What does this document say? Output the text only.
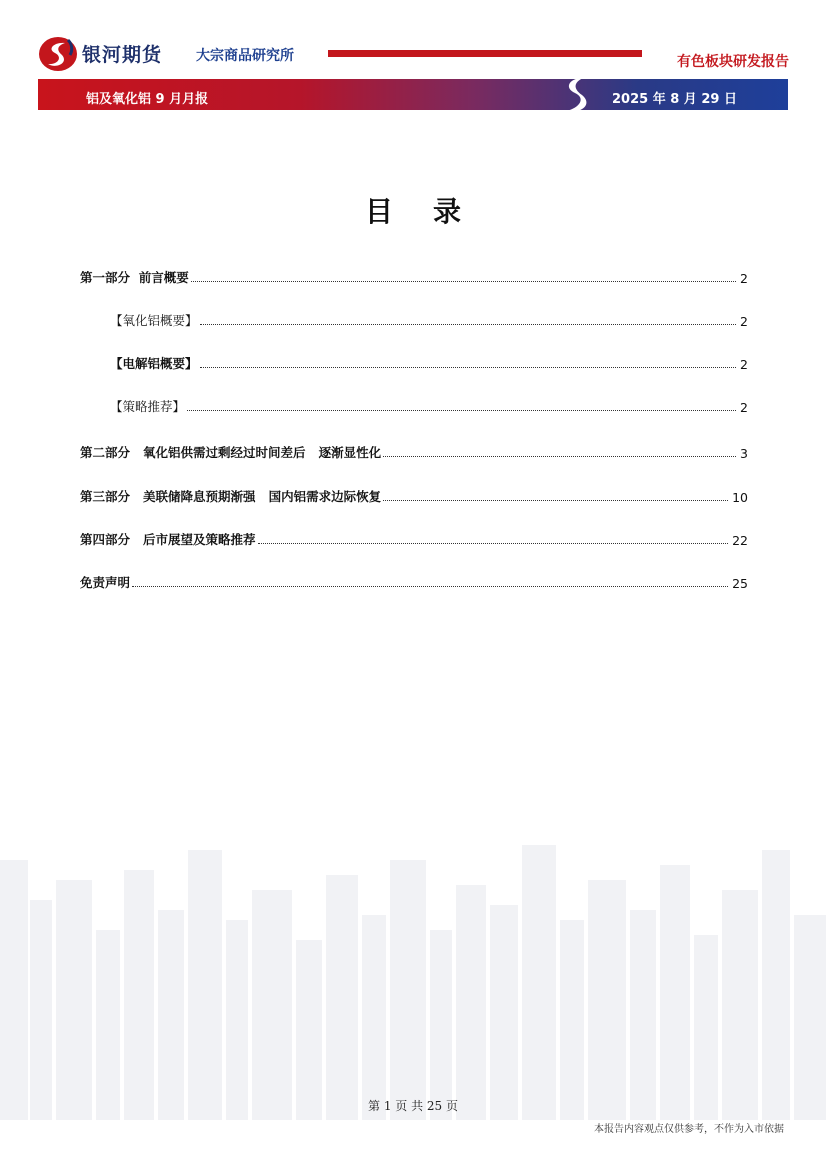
银河期货 大宗商品研究所	有色板块研发报告
铝及氧化铝 9 月月报	2025 年 8 月 29 日
目录
第一部分  前言概要	2
【氧化铝概要】	2
【电解铝概要】	2
【策略推荐】	2
第二部分   氧化铝供需过剩经过时间差后   逐渐显性化	3
第三部分   美联储降息预期渐强   国内铝需求边际恢复	10
第四部分   后市展望及策略推荐	22
免责声明	25
第 1 页 共 25 页
本报告内容观点仅供参考，不作为入市依据
